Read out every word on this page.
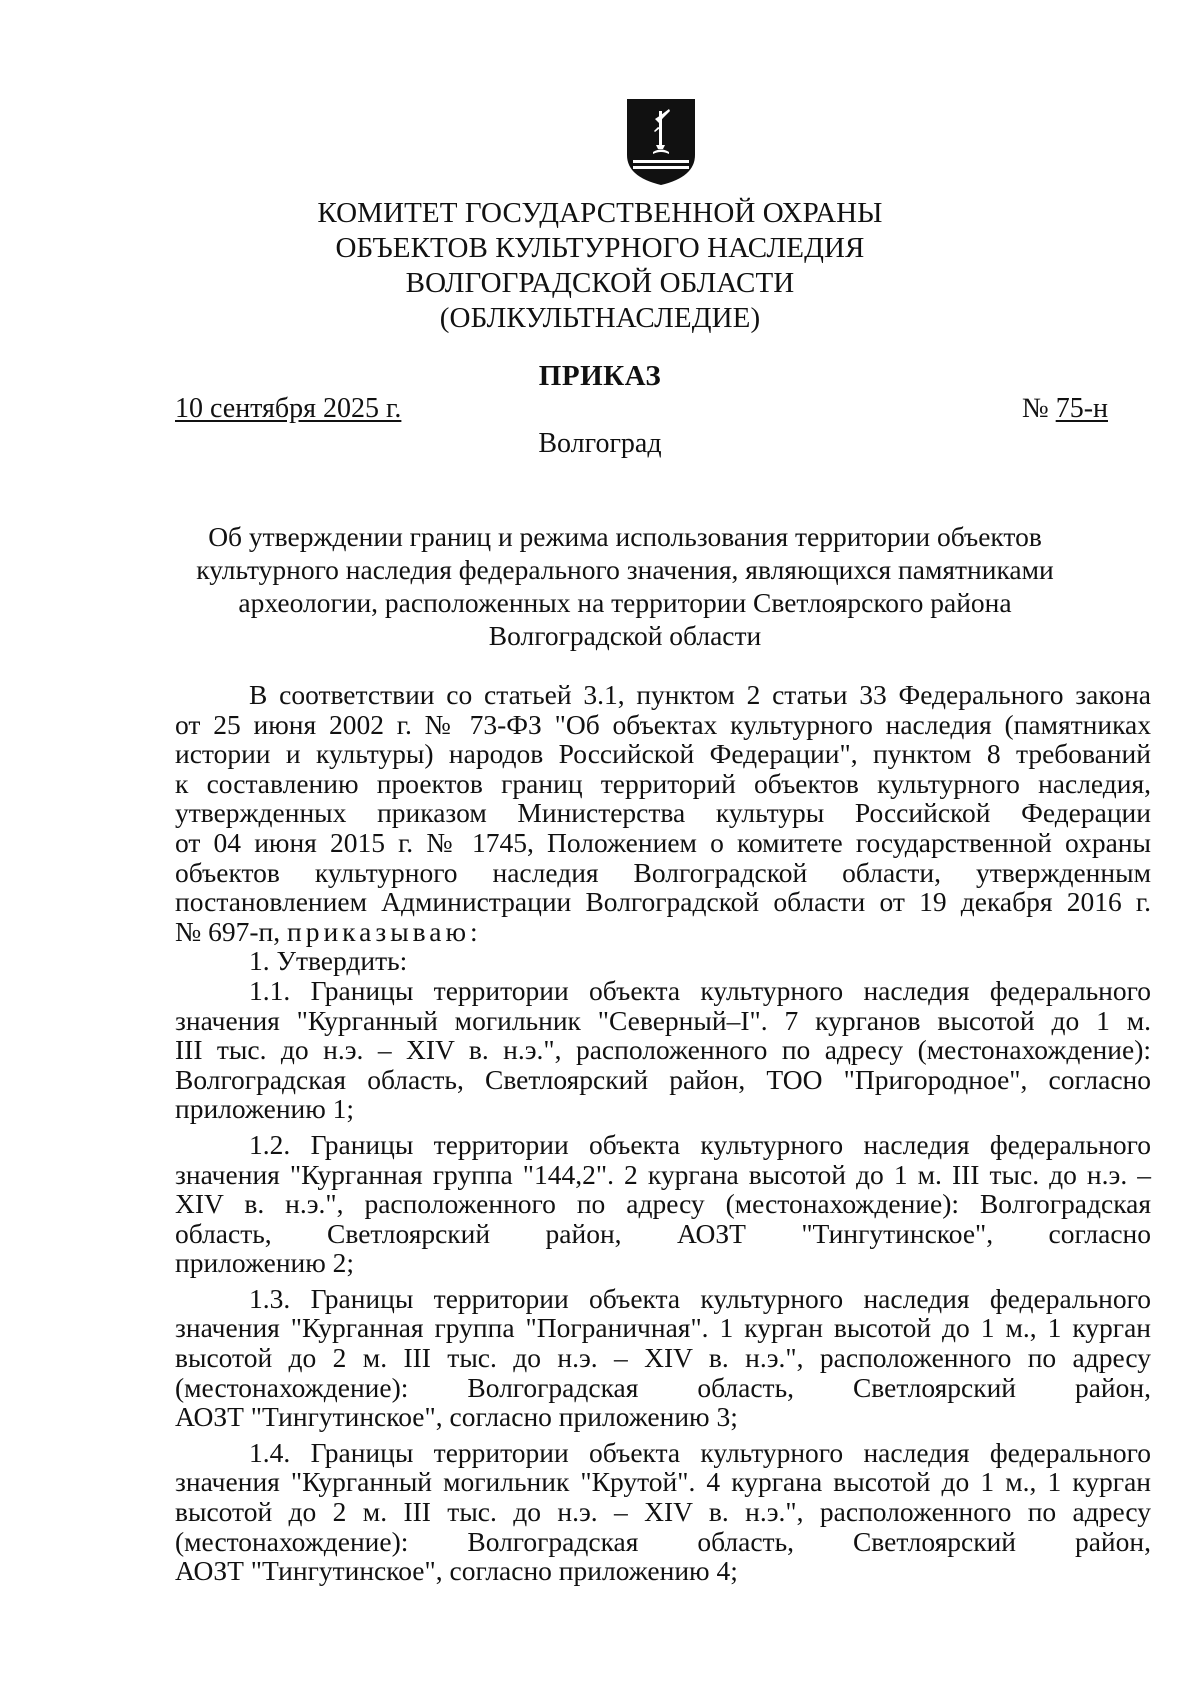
КОМИТЕТ ГОСУДАРСТВЕННОЙ ОХРАНЫ
ОБЪЕКТОВ КУЛЬТУРНОГО НАСЛЕДИЯ
ВОЛГОГРАДСКОЙ ОБЛАСТИ
(ОБЛКУЛЬТНАСЛЕДИЕ)
ПРИКАЗ
10 сентября 2025 г.	№ 75-н
Волгоград
Об утверждении границ и режима использования территории объектов
культурного наследия федерального значения, являющихся памятниками
археологии, расположенных на территории Светлоярского района
Волгоградской области
В соответствии со статьей 3.1, пунктом 2 статьи 33 Федерального закона
от 25 июня 2002 г. № 73-ФЗ "Об объектах культурного наследия (памятниках
истории и культуры) народов Российской Федерации", пунктом 8 требований
к составлению проектов границ территорий объектов культурного наследия,
утвержденных приказом Министерства культуры Российской Федерации
от 04 июня 2015 г. № 1745, Положением о комитете государственной охраны
объектов культурного наследия Волгоградской области, утвержденным
постановлением Администрации Волгоградской области от 19 декабря 2016 г.
№ 697-п, приказываю:
1. Утвердить:
1.1. Границы территории объекта культурного наследия федерального
значения "Курганный могильник "Северный–I". 7 курганов высотой до 1 м.
III тыс. до н.э. – XIV в. н.э.", расположенного по адресу (местонахождение):
Волгоградская область, Светлоярский район, ТОО "Пригородное", согласно
приложению 1;
1.2. Границы территории объекта культурного наследия федерального
значения "Курганная группа "144,2". 2 кургана высотой до 1 м. III тыс. до н.э. –
XIV в. н.э.", расположенного по адресу (местонахождение): Волгоградская
область, Светлоярский район, АОЗТ "Тингутинское", согласно
приложению 2;
1.3. Границы территории объекта культурного наследия федерального
значения "Курганная группа "Пограничная". 1 курган высотой до 1 м., 1 курган
высотой до 2 м. III тыс. до н.э. – XIV в. н.э.", расположенного по адресу
(местонахождение): Волгоградская область, Светлоярский район,
АОЗТ "Тингутинское", согласно приложению 3;
1.4. Границы территории объекта культурного наследия федерального
значения "Курганный могильник "Крутой". 4 кургана высотой до 1 м., 1 курган
высотой до 2 м. III тыс. до н.э. – XIV в. н.э.", расположенного по адресу
(местонахождение): Волгоградская область, Светлоярский район,
АОЗТ "Тингутинское", согласно приложению 4;
